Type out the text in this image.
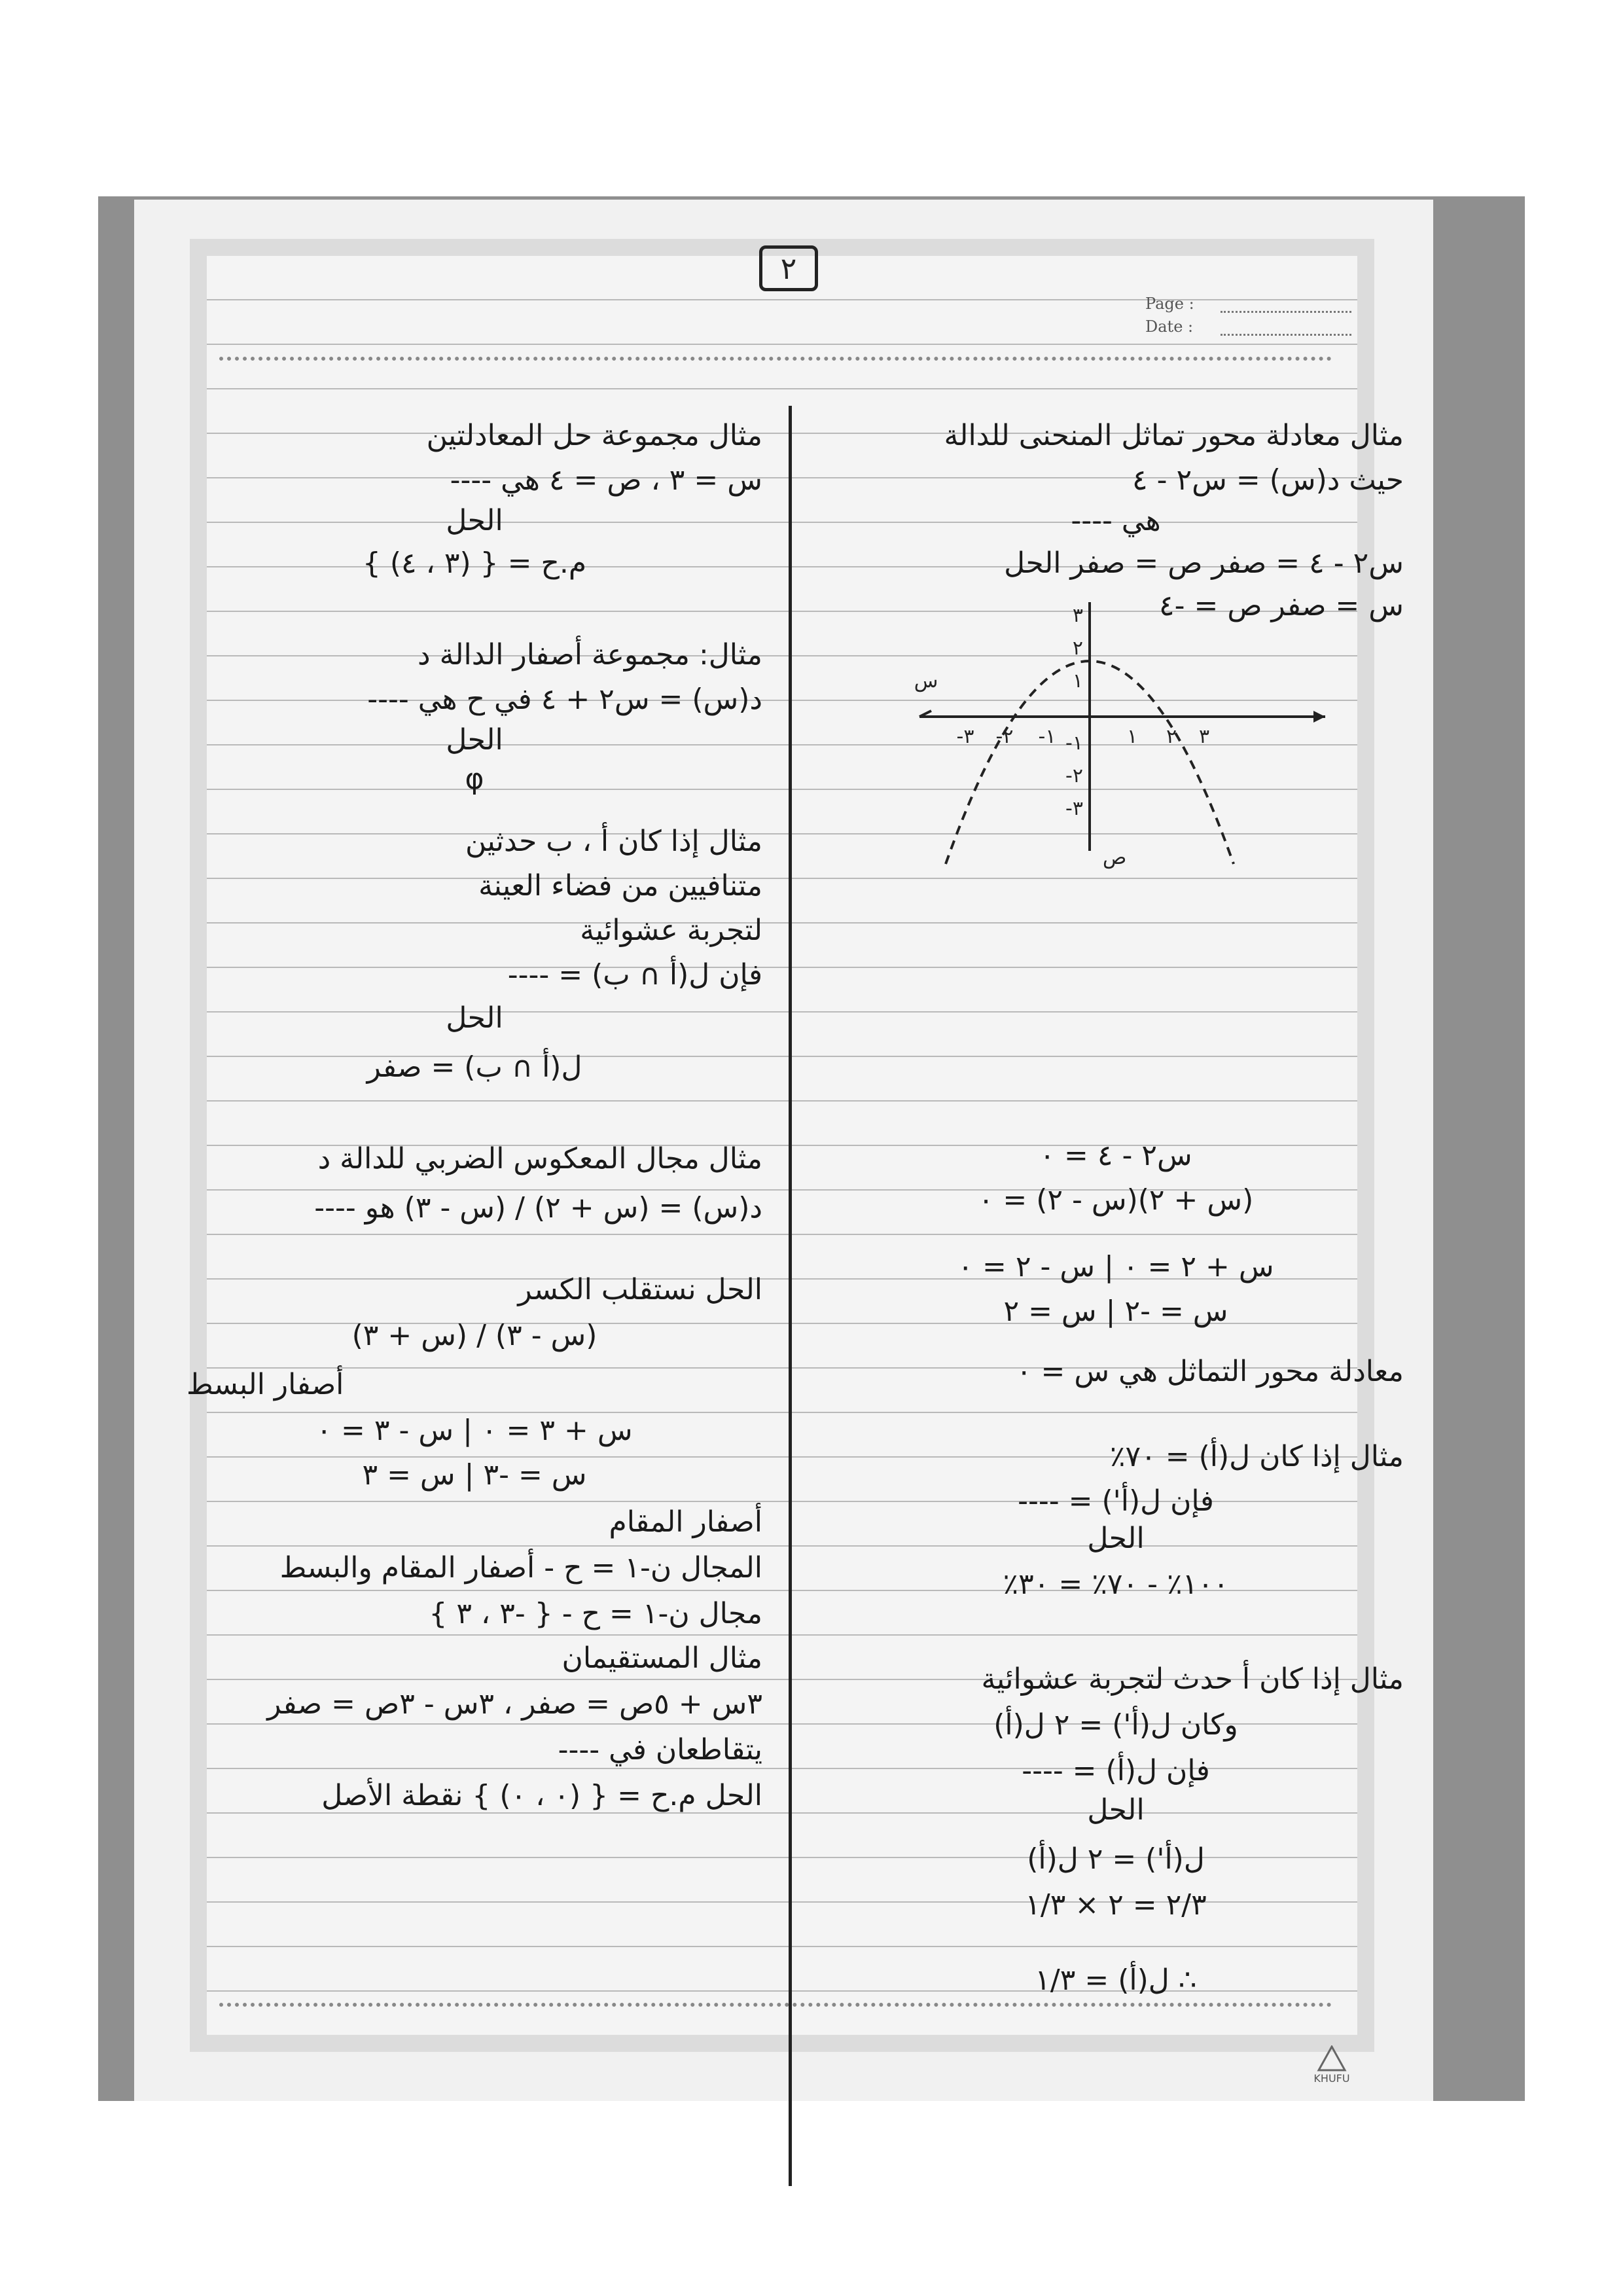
٢
Page :
Date :
مثال معادلة محور تماثل المنحنى للدالة
حيث د(س) = س٢ - ٤
هي ----
س٢ - ٤ = صفر ص = صفر الحل
س = صفر ص = -٤
س٢ - ٤ = ٠
(س + ٢)(س - ٢) = ٠
س + ٢ = ٠ | س - ٢ = ٠
س = -٢ | س = ٢
معادلة محور التماثل هي س = ٠
مثال إذا كان ل(أ) = ٧٠٪
فإن ل(أ') = ----
الحل
١٠٠٪ - ٧٠٪ = ٣٠٪
مثال إذا كان أ حدث لتجربة عشوائية
وكان ل(أ') = ٢ ل(أ)
فإن ل(أ) = ----
الحل
ل(أ') = ٢ ل(أ)
٢/٣ = ٢ × ١/٣
∴ ل(أ) = ١/٣
٣
٢
١
-١
-٢
-٣
٣
٢
١
-١
-٢
-٣
س
ص
مثال مجموعة حل المعادلتين
س = ٣ ، ص = ٤ هي ----
الحل
م.ح = { (٣ ، ٤) }
مثال: مجموعة أصفار الدالة د
د(س) = س٢ + ٤ في ح هي ----
الحل
φ
مثال إذا كان أ ، ب حدثين
متنافيين من فضاء العينة
لتجربة عشوائية
فإن ل(أ ∩ ب) = ----
الحل
ل(أ ∩ ب) = صفر
مثال مجال المعكوس الضربي للدالة د
د(س) = (س + ٢) / (س - ٣) هو ----
الحل نستقلب الكسر
(س - ٣) / (س + ٣)
أصفار البسط
س + ٣ = ٠ | س - ٣ = ٠
س = -٣ | س = ٣
أصفار المقام
المجال ن-١ = ح - أصفار المقام والبسط
مجال ن-١ = ح - { -٣ ، ٣ }
مثال المستقيمان
٣س + ٥ص = صفر ، ٣س - ٣ص = صفر
يتقاطعان في ----
الحل م.ح = { (٠ ، ٠) } نقطة الأصل
KHUFU
